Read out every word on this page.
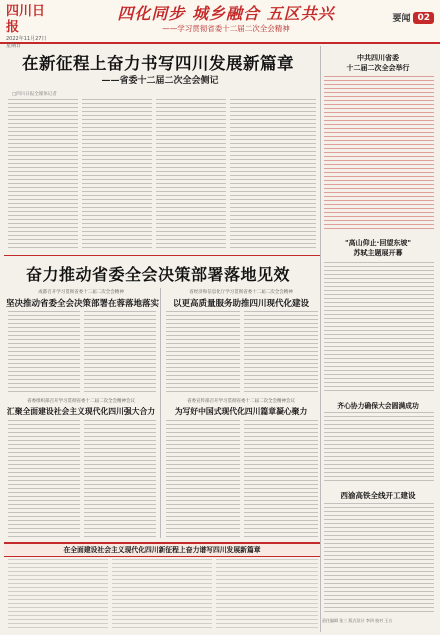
四川日报
2022年11月27日 星期日
四化同步 城乡融合 五区共兴
——学习贯彻省委十二届二次全会精神
要闻 02
在新征程上奋力书写四川发展新篇章
——省委十二届二次全会侧记
□四川日报全媒体记者
奋力推动省委全会决策部署落地见效
成都召开学习贯彻省委十二届二次全会精神
坚决推动省委全会决策部署在蓉落地落实
省经济和信息化厅学习贯彻省委十二届二次全会精神
以更高质量服务助推四川现代化建设
省委组织部召开学习贯彻省委十二届二次全会精神会议
汇聚全面建设社会主义现代化四川强大合力
省委宣传部召开学习贯彻省委十二届二次全会精神会议
为写好中国式现代化四川篇章凝心聚力
在全面建设社会主义现代化四川新征程上奋力谱写四川发展新篇章
中共四川省委
十二届二次全会举行
"高山仰止·回望东坡"
苏轼主题展开幕
齐心协力确保大会圆满成功
西渝高铁全线开工建设
责任编辑 张三 版式设计 李四 校对 王五
